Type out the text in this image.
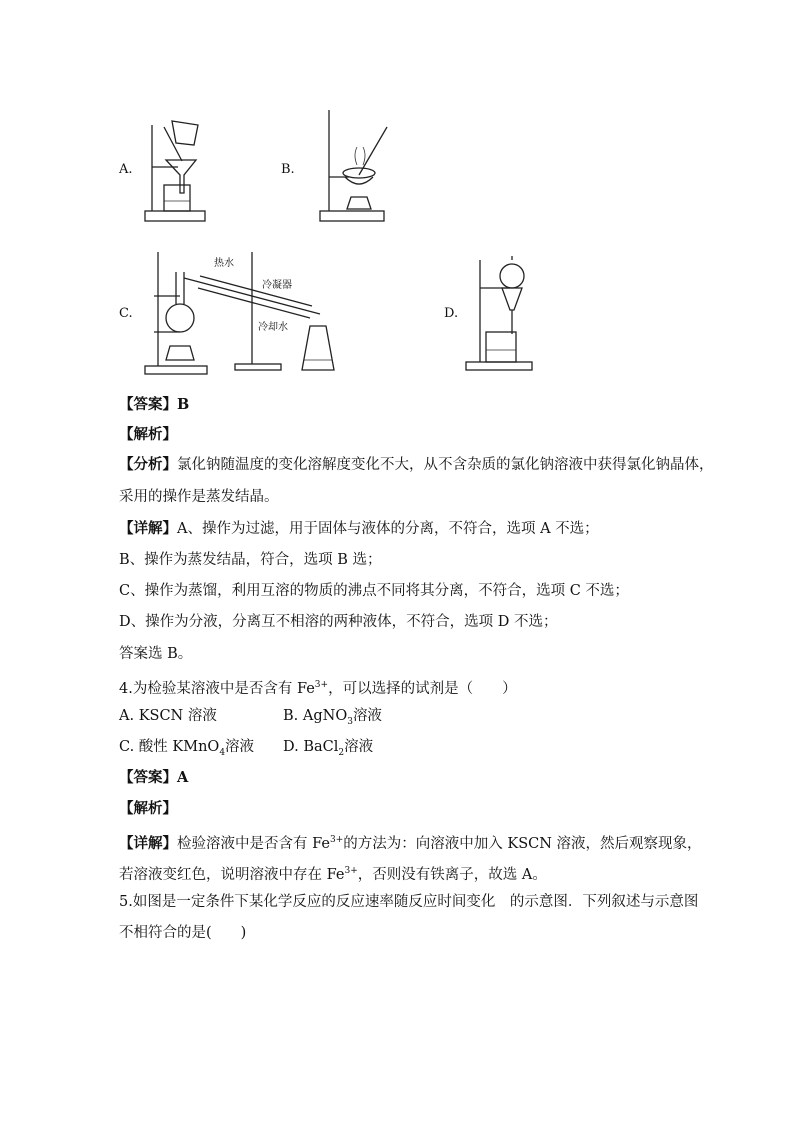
A.	B.
C.
热水
冷凝器
冷却水
D.
【答案】B
【解析】
【分析】氯化钠随温度的变化溶解度变化不大，从不含杂质的氯化钠溶液中获得氯化钠晶体，
采用的操作是蒸发结晶。
【详解】A、操作为过滤，用于固体与液体的分离，不符合，选项 A 不选；
B、操作为蒸发结晶，符合，选项 B 选；
C、操作为蒸馏，利用互溶的物质的沸点不同将其分离，不符合，选项 C 不选；
D、操作为分液，分离互不相溶的两种液体，不符合，选项 D 不选；
答案选 B。
4.为检验某溶液中是否含有 $Fe^{3+}$，可以选择的试剂是（　　）
A. KSCN 溶液	B. AgNO$_3$溶液
C. 酸性 KMnO$_4$溶液 D. BaCl$_2$溶液
【答案】A
【解析】
【详解】检验溶液中是否含有 $Fe^{3+}$的方法为：向溶液中加入 KSCN 溶液，然后观察现象，
若溶液变红色，说明溶液中存在 $Fe^{3+}$，否则没有铁离子，故选 A。
5.如图是一定条件下某化学反应的反应速率随反应时间变化　的示意图．下列叙述与示意图
不相符合的是(　　)
